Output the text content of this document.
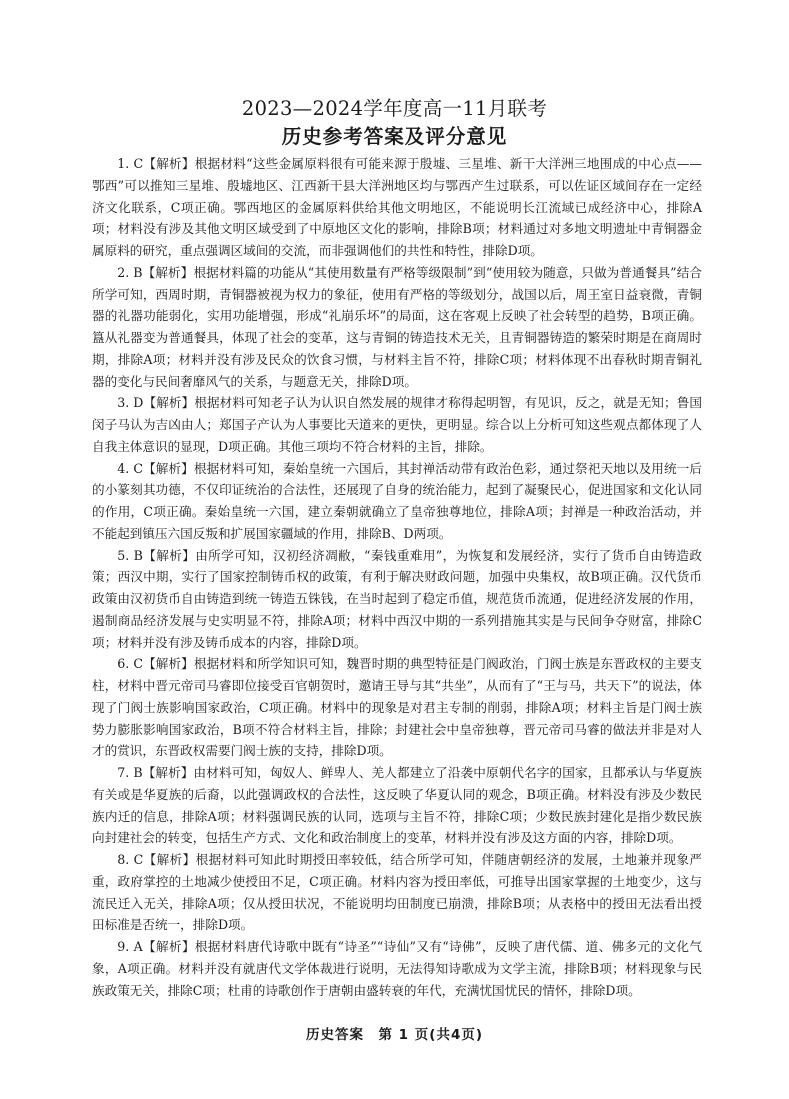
2023—2024学年度高一11月联考
历史参考答案及评分意见

1. C【解析】根据材料“这些金属原料很有可能来源于殷墟、三星堆、新干大洋洲三地围成的中心点——鄂西”可以推知三星堆、殷墟地区、江西新干县大洋洲地区均与鄂西产生过联系，可以佐证区域间存在一定经济文化联系，C项正确。鄂西地区的金属原料供给其他文明地区，不能说明长江流域已成经济中心，排除A项；材料没有涉及其他文明区域受到了中原地区文化的影响，排除B项；材料通过对多地文明遗址中青铜器金属原料的研究，重点强调区域间的交流，而非强调他们的共性和特性，排除D项。

2. B【解析】根据材料篇的功能从“其使用数量有严格等级限制”到“使用较为随意，只做为普通餐具”结合所学可知，西周时期，青铜器被视为权力的象征，使用有严格的等级划分，战国以后，周王室日益衰微，青铜器的礼器功能弱化，实用功能增强，形成“礼崩乐坏”的局面，这在客观上反映了社会转型的趋势，B项正确。簋从礼器变为普通餐具，体现了社会的变革，这与青铜的铸造技术无关，且青铜器铸造的繁荣时期是在商周时期，排除A项；材料并没有涉及民众的饮食习惯，与材料主旨不符，排除C项；材料体现不出春秋时期青铜礼器的变化与民间奢靡风气的关系，与题意无关，排除D项。

3. D【解析】根据材料可知老子认为认识自然发展的规律才称得起明智，有见识，反之，就是无知；鲁国闵子马认为吉凶由人；郑国子产认为人事要比天道来的更快，更明显。综合以上分析可知这些观点都体现了人自我主体意识的显现，D项正确。其他三项均不符合材料的主旨，排除。

4. C【解析】根据材料可知，秦始皇统一六国后，其封禅活动带有政治色彩，通过祭祀天地以及用统一后的小篆刻其功德，不仅印证统治的合法性，还展现了自身的统治能力，起到了凝聚民心，促进国家和文化认同的作用，C项正确。秦始皇统一六国，建立秦朝就确立了皇帝独尊地位，排除A项；封禅是一种政治活动，并不能起到镇压六国反叛和扩展国家疆域的作用，排除B、D两项。

5. B【解析】由所学可知，汉初经济凋敝，“秦钱重难用”，为恢复和发展经济，实行了货币自由铸造政策；西汉中期，实行了国家控制铸币权的政策，有利于解决财政问题，加强中央集权，故B项正确。汉代货币政策由汉初货币自由铸造到统一铸造五铢钱，在当时起到了稳定币值，规范货币流通，促进经济发展的作用，遏制商品经济发展与史实明显不符，排除A项；材料中西汉中期的一系列措施其实是与民间争夺财富，排除C项；材料并没有涉及铸币成本的内容，排除D项。

6. C【解析】根据材料和所学知识可知，魏晋时期的典型特征是门阀政治，门阀士族是东晋政权的主要支柱，材料中晋元帝司马睿即位接受百官朝贺时，邀请王导与其“共坐”，从而有了“王与马，共天下”的说法，体现了门阀士族影响国家政治，C项正确。材料中的现象是对君主专制的削弱，排除A项；材料主旨是门阀士族势力膨胀影响国家政治，B项不符合材料主旨，排除；封建社会中皇帝独尊，晋元帝司马睿的做法并非是对人才的赏识，东晋政权需要门阀士族的支持，排除D项。

7. B【解析】由材料可知，匈奴人、鲜卑人、羌人都建立了沿袭中原朝代名字的国家，且都承认与华夏族有关或是华夏族的后裔，以此强调政权的合法性，这反映了华夏认同的观念，B项正确。材料没有涉及少数民族内迁的信息，排除A项；材料强调民族的认同，选项与主旨不符，排除C项；少数民族封建化是指少数民族向封建社会的转变，包括生产方式、文化和政治制度上的变革，材料并没有涉及这方面的内容，排除D项。

8. C【解析】根据材料可知此时期授田率较低，结合所学可知，伴随唐朝经济的发展，土地兼并现象严重，政府掌控的土地减少使授田不足，C项正确。材料内容为授田率低，可推导出国家掌握的土地变少，这与流民迁入无关，排除A项；仅从授田状况，不能说明均田制度已崩溃，排除B项；从表格中的授田无法看出授田标准是否统一，排除D项。

9. A【解析】根据材料唐代诗歌中既有“诗圣”“诗仙”又有“诗佛”，反映了唐代儒、道、佛多元的文化气象，A项正确。材料并没有就唐代文学体裁进行说明，无法得知诗歌成为文学主流，排除B项；材料现象与民族政策无关，排除C项；杜甫的诗歌创作于唐朝由盛转衰的年代，充满忧国忧民的情怀，排除D项。

历史答案　第 1 页(共4页)
